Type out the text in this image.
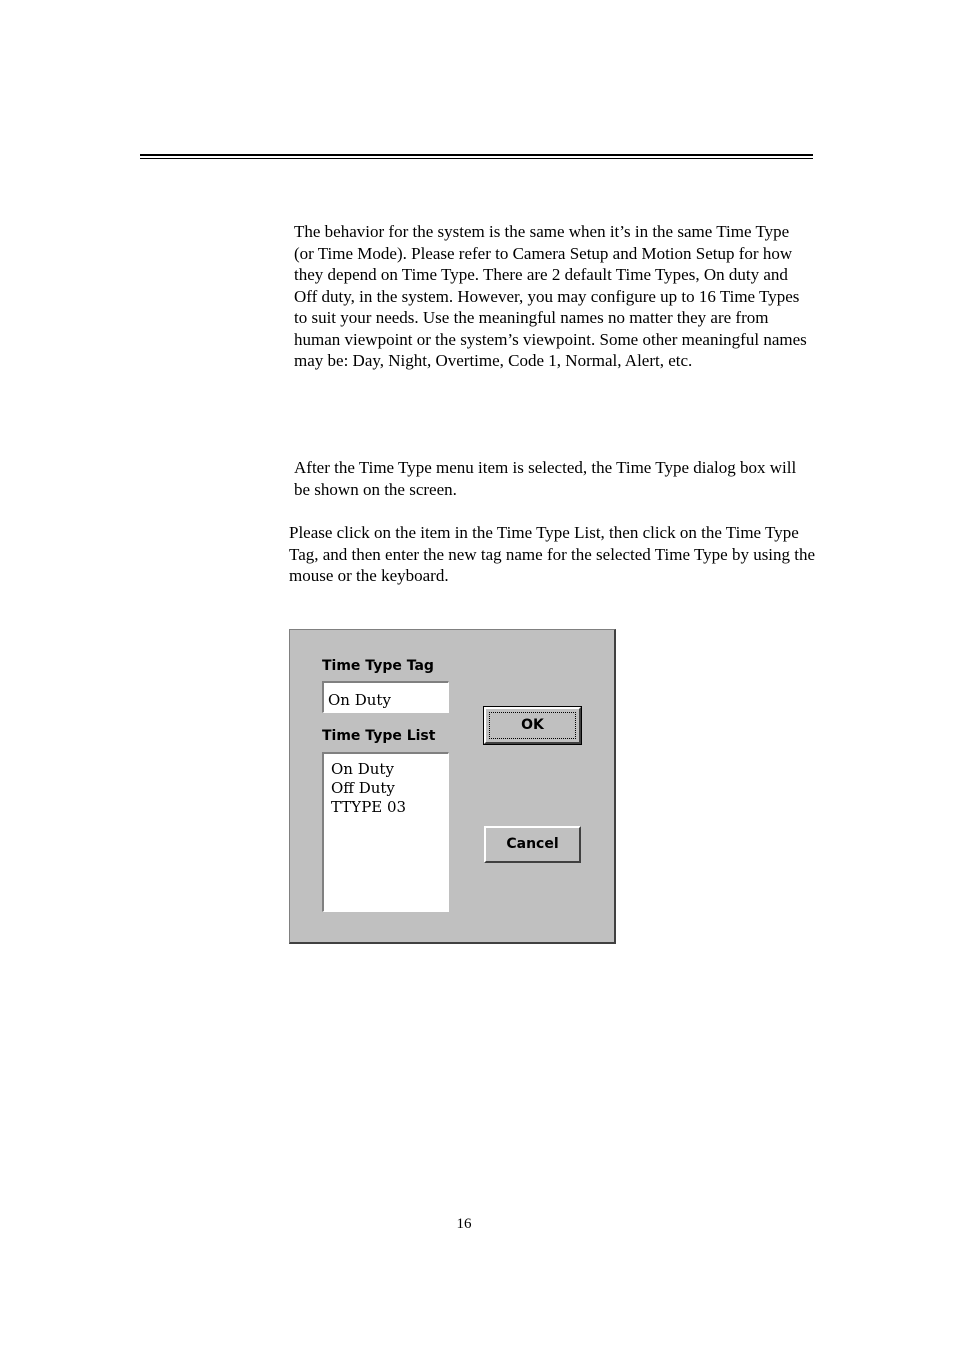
The behavior for the system is the same when it’s in the same Time Type (or Time Mode). Please refer to Camera Setup and Motion Setup for how they depend on Time Type. There are 2 default Time Types, On duty and Off duty, in the system. However, you may configure up to 16 Time Types to suit your needs. Use the meaningful names no matter they are from human viewpoint or the system’s viewpoint. Some other meaningful names may be: Day, Night, Overtime, Code 1, Normal, Alert, etc.

After the Time Type menu item is selected, the Time Type dialog box will be shown on the screen.

Please click on the item in the Time Type List, then click on the Time Type Tag, and then enter the new tag name for the selected Time Type by using the mouse or the keyboard.

Time Type Tag
On Duty
Time Type List
On Duty
Off Duty
TTYPE 03
OK
Cancel
16
